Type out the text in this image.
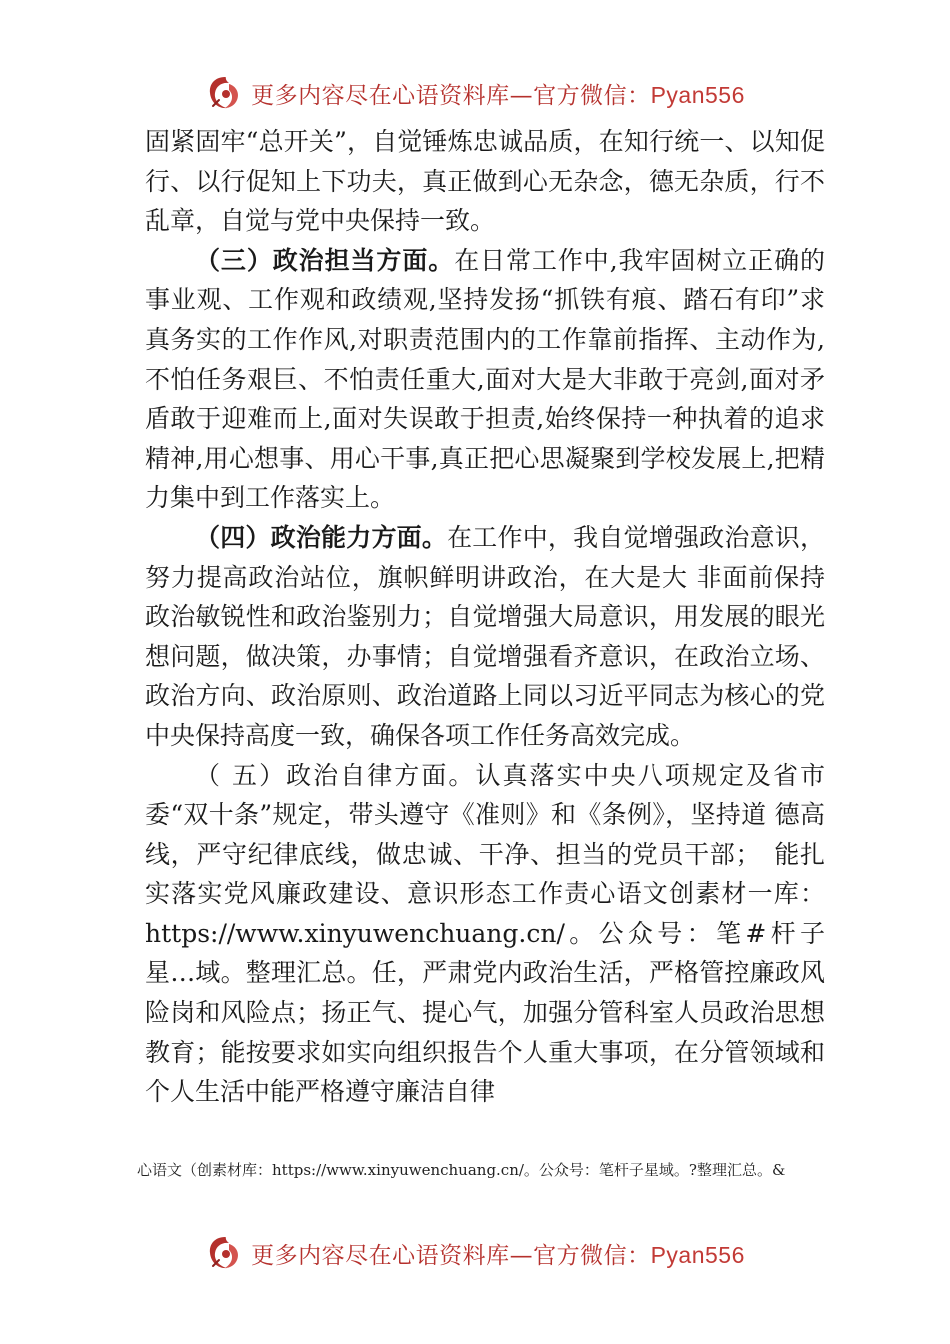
更多内容尽在心语资料库—官方微信：Pyan556

固紧固牢“总开关”，自觉锤炼忠诚品质，在知行统一、以知促行、以行促知上下功夫，真正做到心无杂念，德无杂质，行不乱章，自觉与党中央保持一致。

（三）政治担当方面。在日常工作中,我牢固树立正确的事业观、工作观和政绩观,坚持发扬“抓铁有痕、踏石有印”求真务实的工作作风,对职责范围内的工作靠前指挥、主动作为,不怕任务艰巨、不怕责任重大,面对大是大非敢于亮剑,面对矛盾敢于迎难而上,面对失误敢于担责,始终保持一种执着的追求精神,用心想事、用心干事,真正把心思凝聚到学校发展上,把精力集中到工作落实上。

（四）政治能力方面。在工作中，我自觉增强政治意识，努力提高政治站位，旗帜鲜明讲政治，在大是大 非面前保持政治敏锐性和政治鉴别力；自觉增强大局意识，用发展的眼光想问题，做决策，办事情；自觉增强看齐意识，在政治立场、政治方向、政治原则、政治道路上同以习近平同志为核心的党中央保持高度一致，确保各项工作任务高效完成。

（ 五）政治自律方面。认真落实中央八项规定及省市委“双十条”规定，带头遵守《准则》和《条例》，坚持道 德高线，严守纪律底线，做忠诚、干净、担当的党员干部；　能扎实落实党风廉政建设、意识形态工作责心语文创素材一库：https://www.xinyuwenchuang.cn/。公众号：笔#杆子星…域。整理汇总。任，严肃党内政治生活，严格管控廉政风险岗和风险点；扬正气、提心气，加强分管科室人员政治思想教育；能按要求如实向组织报告个人重大事项，在分管领域和个人生活中能严格遵守廉洁自律

心语文（创素材库：https://www.xinyuwenchuang.cn/。公众号：笔杆子星域。?整理汇总。&
更多内容尽在心语资料库—官方微信：Pyan556
